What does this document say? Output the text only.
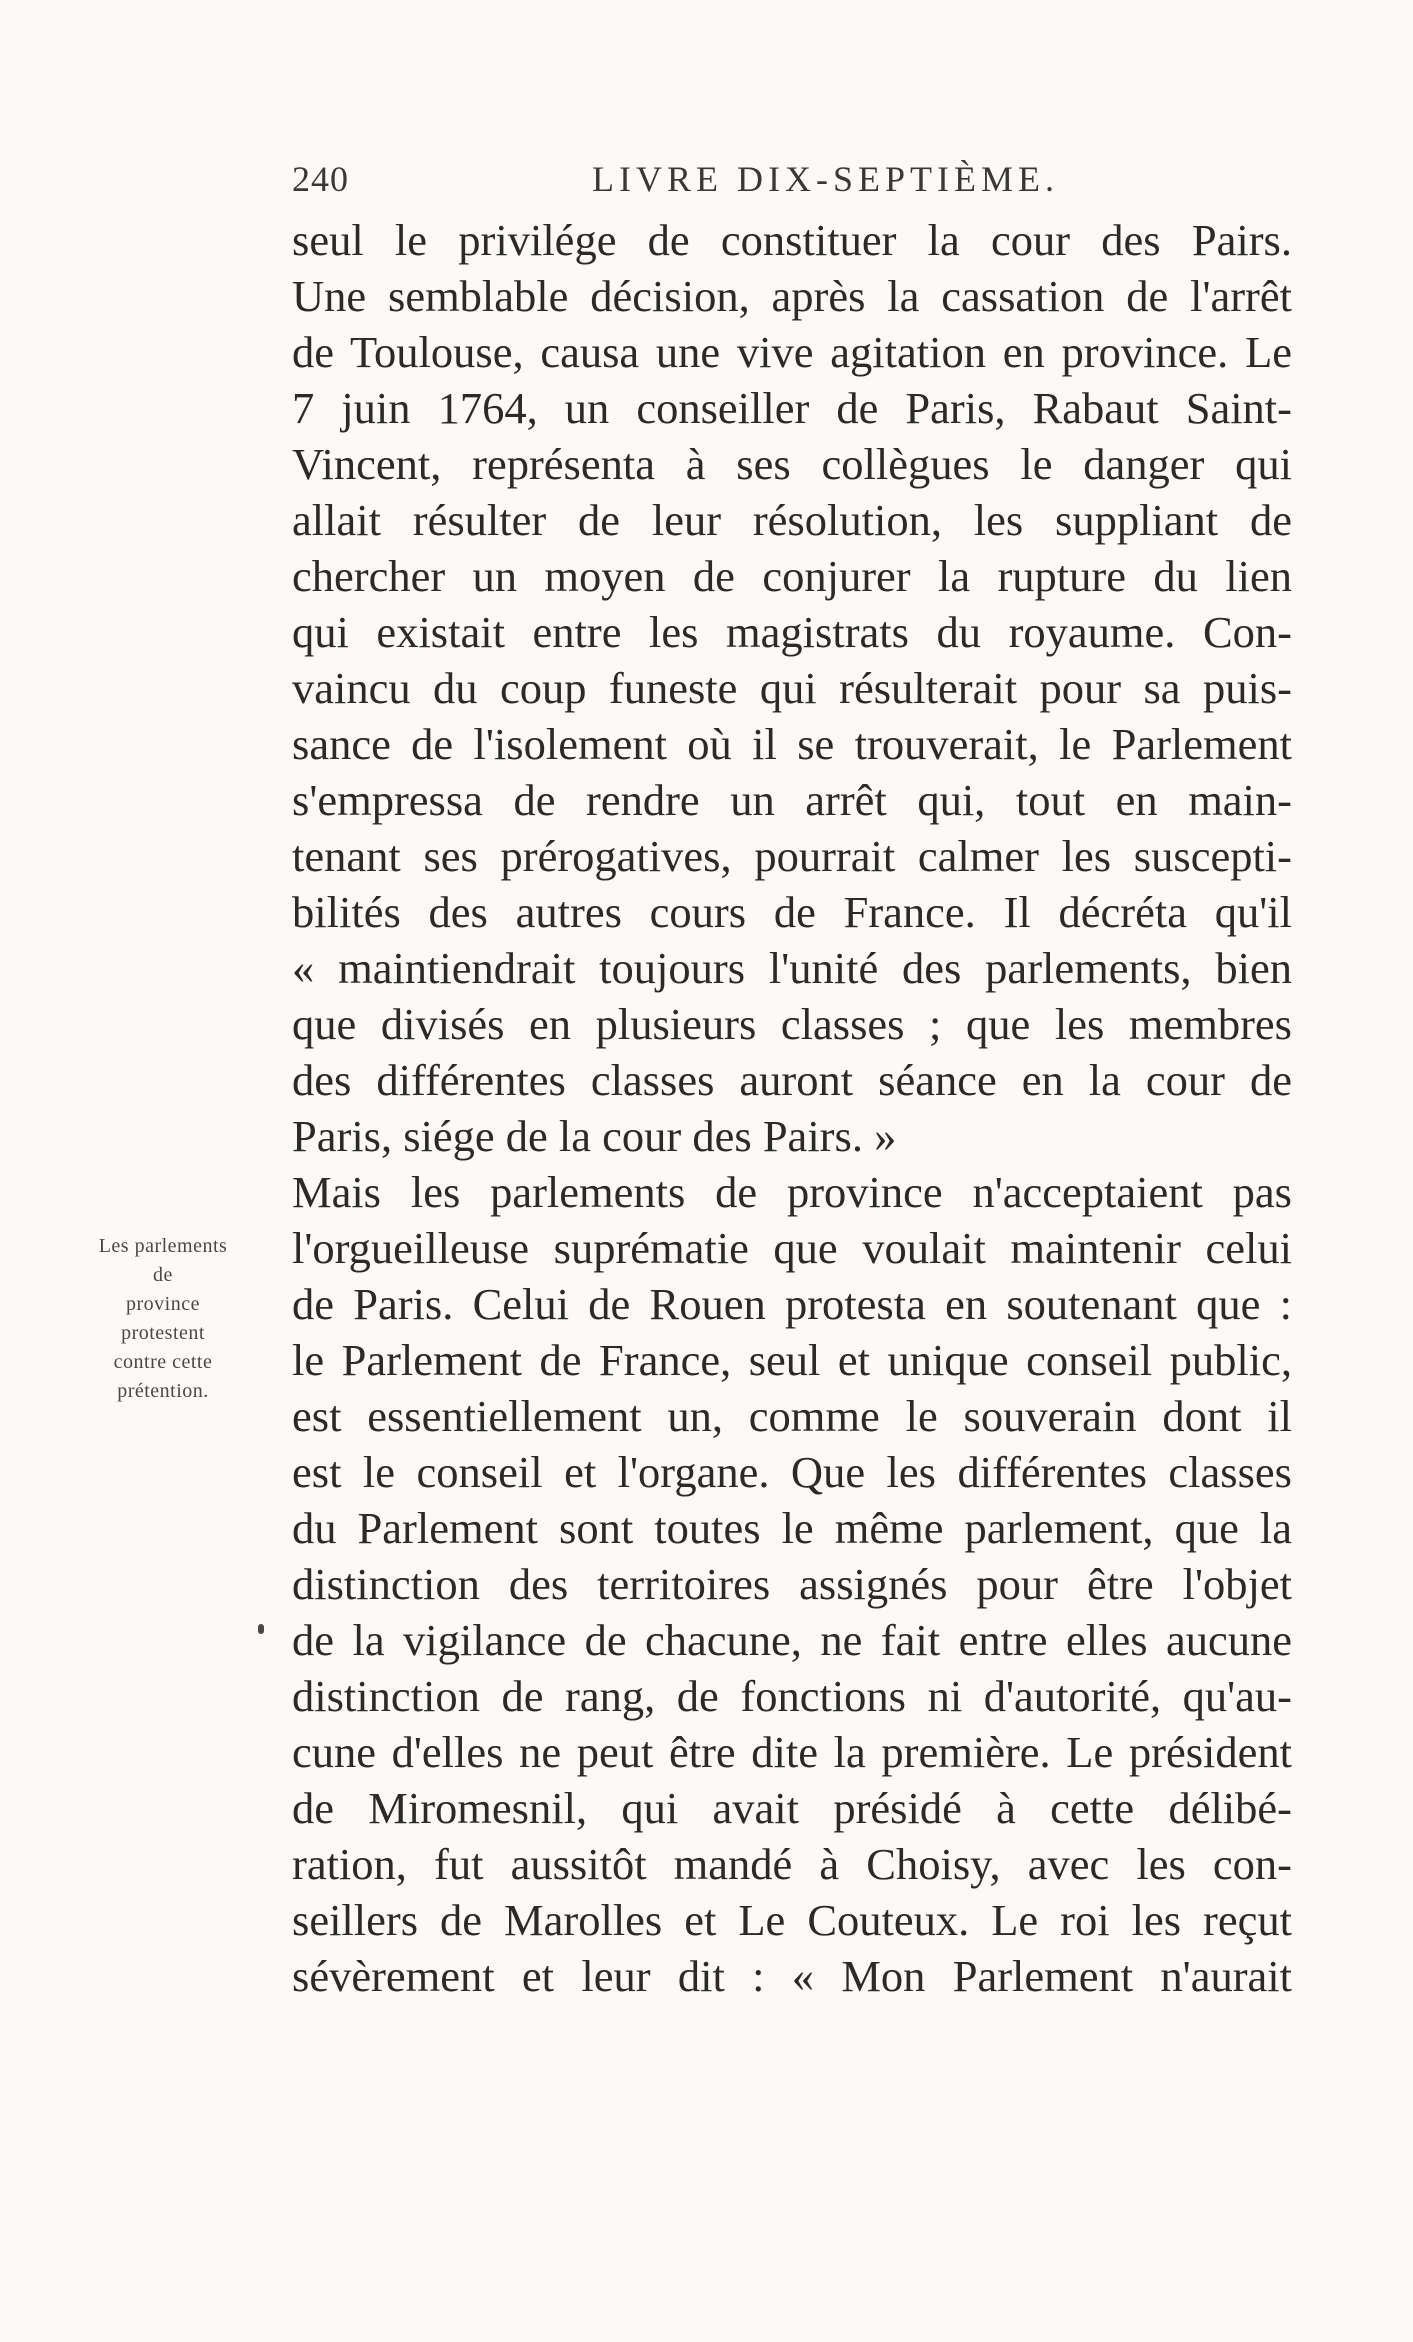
240	LIVRE DIX-SEPTIÈME.
Les parlements
de
province
protestent
contre cette
prétention.
seul le privilége de constituer la cour des Pairs.
Une semblable décision, après la cassation de l'arrêt
de Toulouse, causa une vive agitation en province. Le
7 juin 1764, un conseiller de Paris, Rabaut Saint-
Vincent, représenta à ses collègues le danger qui
allait résulter de leur résolution, les suppliant de
chercher un moyen de conjurer la rupture du lien
qui existait entre les magistrats du royaume. Con-
vaincu du coup funeste qui résulterait pour sa puis-
sance de l'isolement où il se trouverait, le Parlement
s'empressa de rendre un arrêt qui, tout en main-
tenant ses prérogatives, pourrait calmer les suscepti-
bilités des autres cours de France. Il décréta qu'il
« maintiendrait toujours l'unité des parlements, bien
que divisés en plusieurs classes ; que les membres
des différentes classes auront séance en la cour de
Paris, siége de la cour des Pairs. »
Mais les parlements de province n'acceptaient pas
l'orgueilleuse suprématie que voulait maintenir celui
de Paris. Celui de Rouen protesta en soutenant que :
le Parlement de France, seul et unique conseil public,
est essentiellement un, comme le souverain dont il
est le conseil et l'organe. Que les différentes classes
du Parlement sont toutes le même parlement, que la
distinction des territoires assignés pour être l'objet
de la vigilance de chacune, ne fait entre elles aucune
distinction de rang, de fonctions ni d'autorité, qu'au-
cune d'elles ne peut être dite la première. Le président
de Miromesnil, qui avait présidé à cette délibé-
ration, fut aussitôt mandé à Choisy, avec les con-
seillers de Marolles et Le Couteux. Le roi les reçut
sévèrement et leur dit : « Mon Parlement n'aurait
